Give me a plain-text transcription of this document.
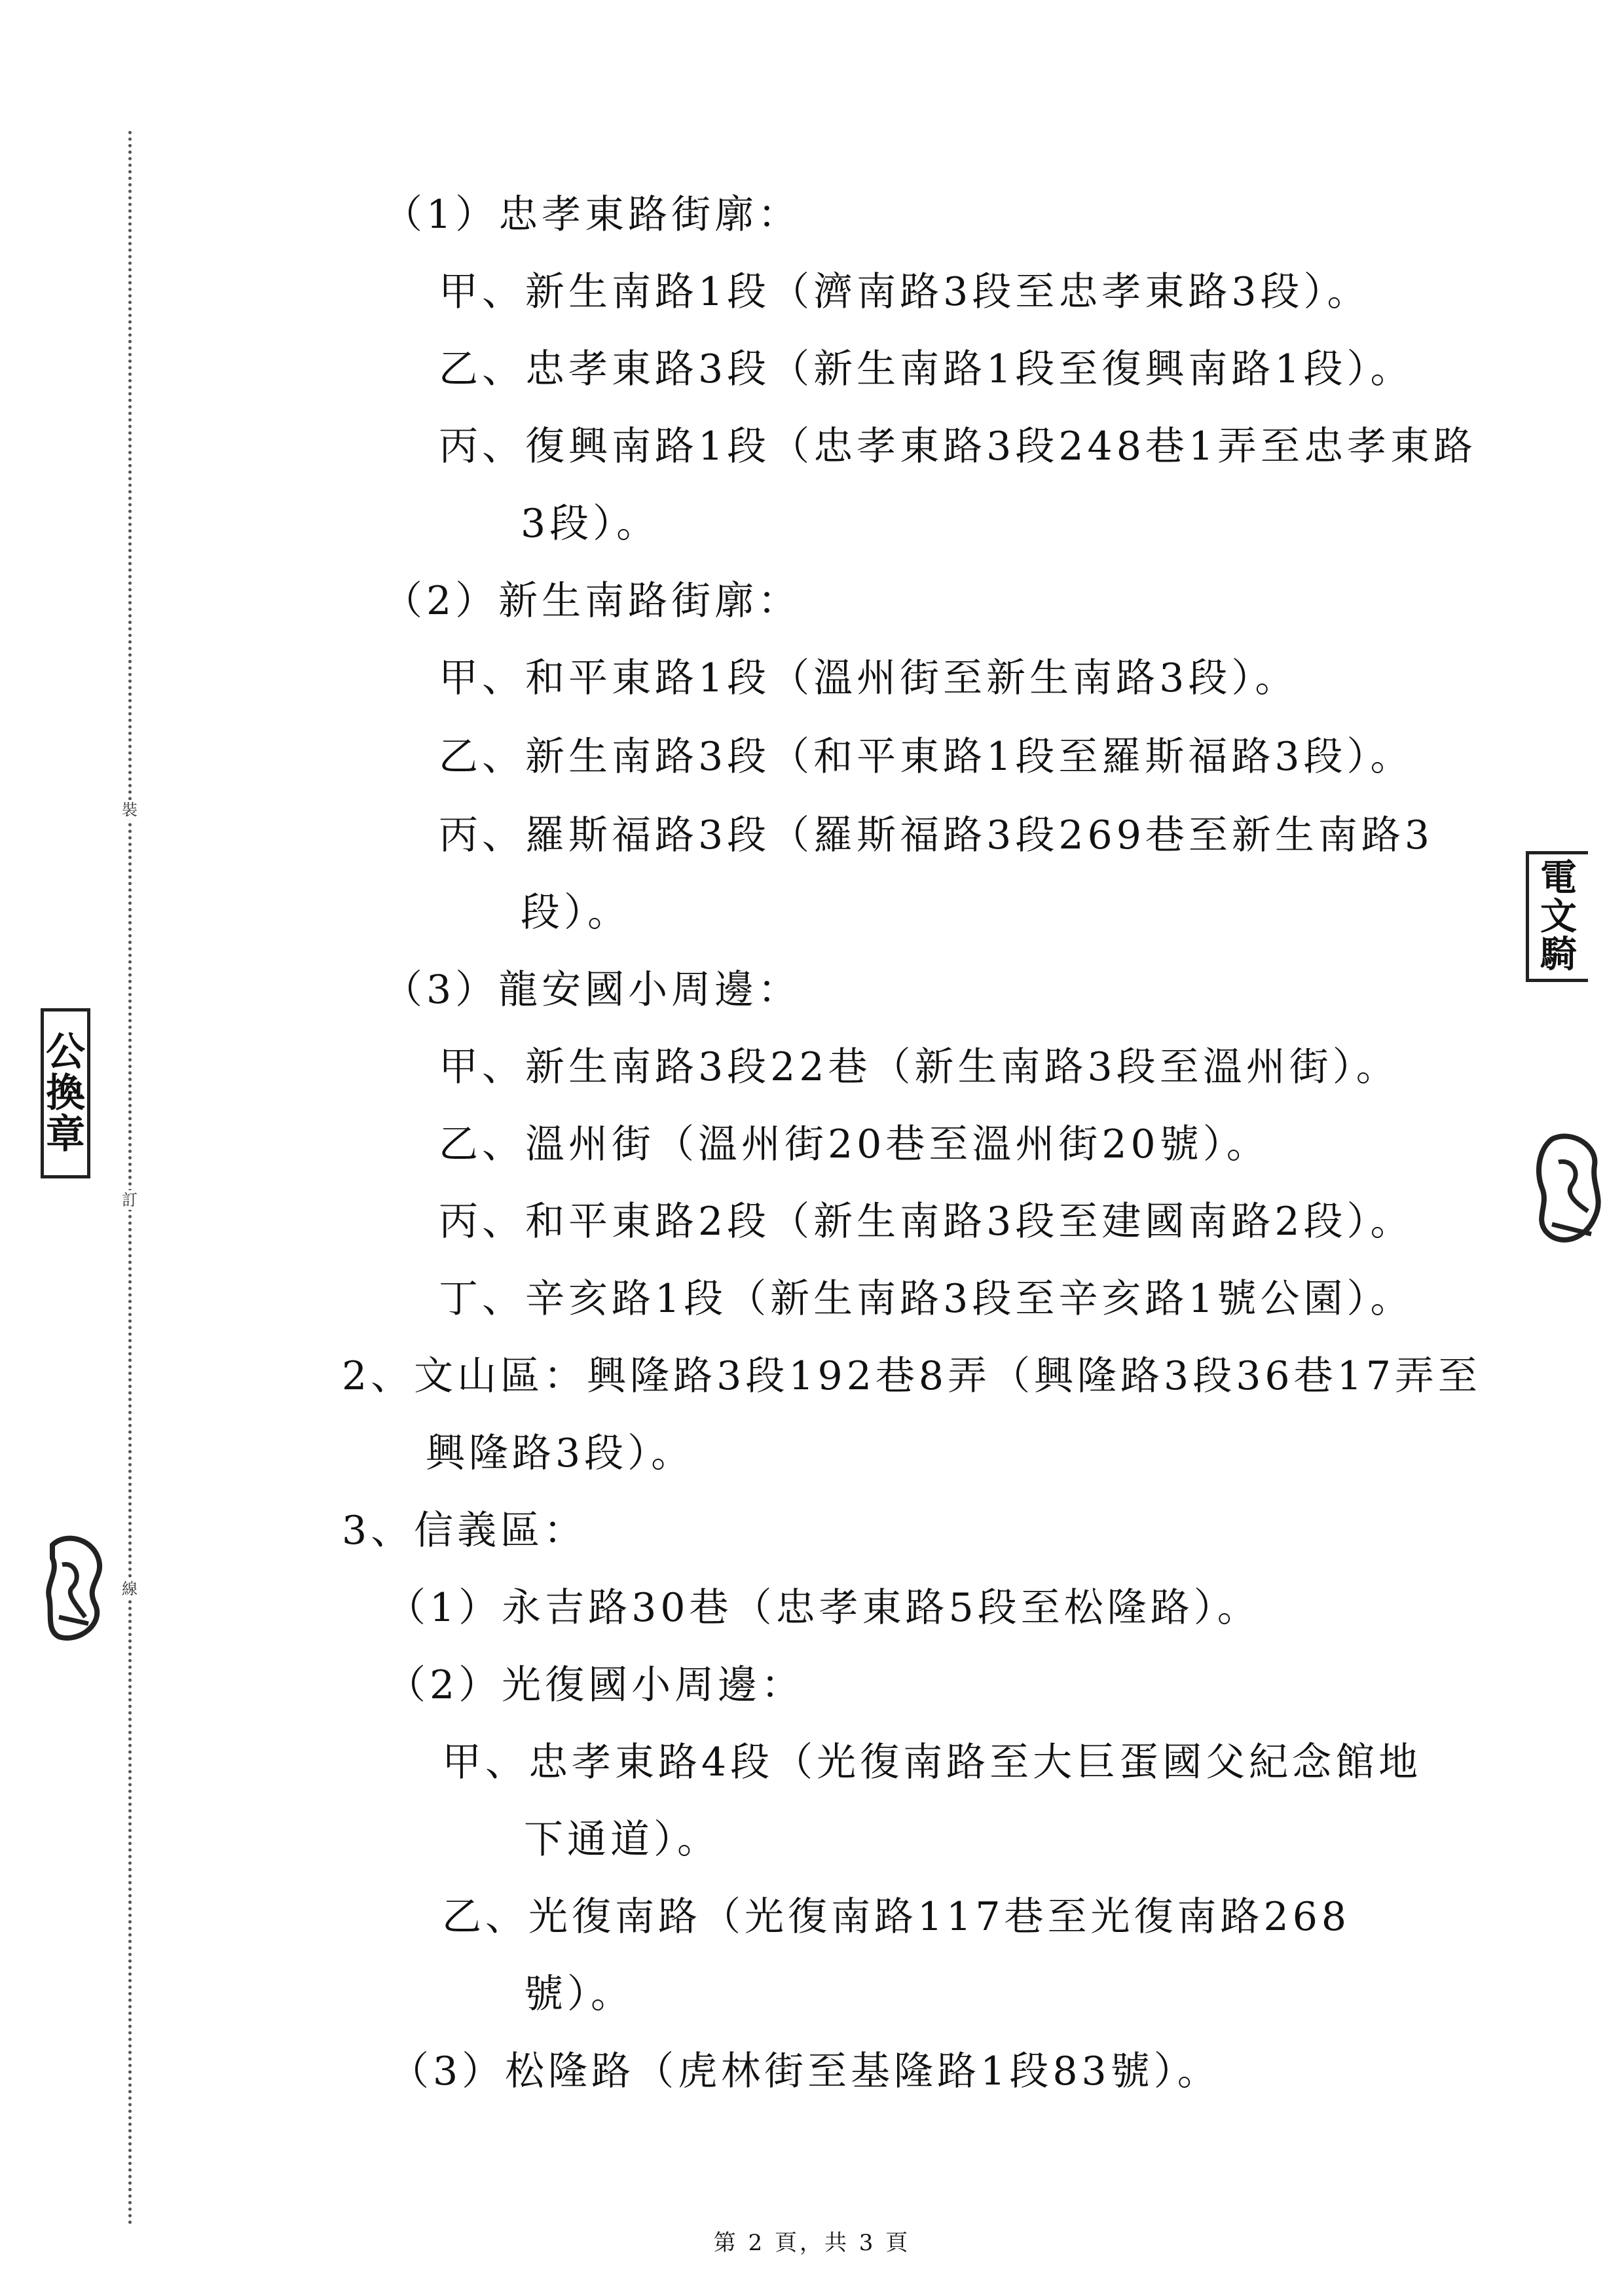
裝
訂
線
公
換
章
電
文
騎
（1）忠孝東路街廓：
甲、新生南路1段（濟南路3段至忠孝東路3段）。
乙、忠孝東路3段（新生南路1段至復興南路1段）。
丙、復興南路1段（忠孝東路3段248巷1弄至忠孝東路
3段）。
（2）新生南路街廓：
甲、和平東路1段（溫州街至新生南路3段）。
乙、新生南路3段（和平東路1段至羅斯福路3段）。
丙、羅斯福路3段（羅斯福路3段269巷至新生南路3
段）。
（3）龍安國小周邊：
甲、新生南路3段22巷（新生南路3段至溫州街）。
乙、溫州街（溫州街20巷至溫州街20號）。
丙、和平東路2段（新生南路3段至建國南路2段）。
丁、辛亥路1段（新生南路3段至辛亥路1號公園）。
2、文山區：興隆路3段192巷8弄（興隆路3段36巷17弄至
興隆路3段）。
3、信義區：
（1）永吉路30巷（忠孝東路5段至松隆路）。
（2）光復國小周邊：
甲、忠孝東路4段（光復南路至大巨蛋國父紀念館地
下通道）。
乙、光復南路（光復南路117巷至光復南路268
號）。
（3）松隆路（虎林街至基隆路1段83號）。
第 2 頁，共 3 頁
